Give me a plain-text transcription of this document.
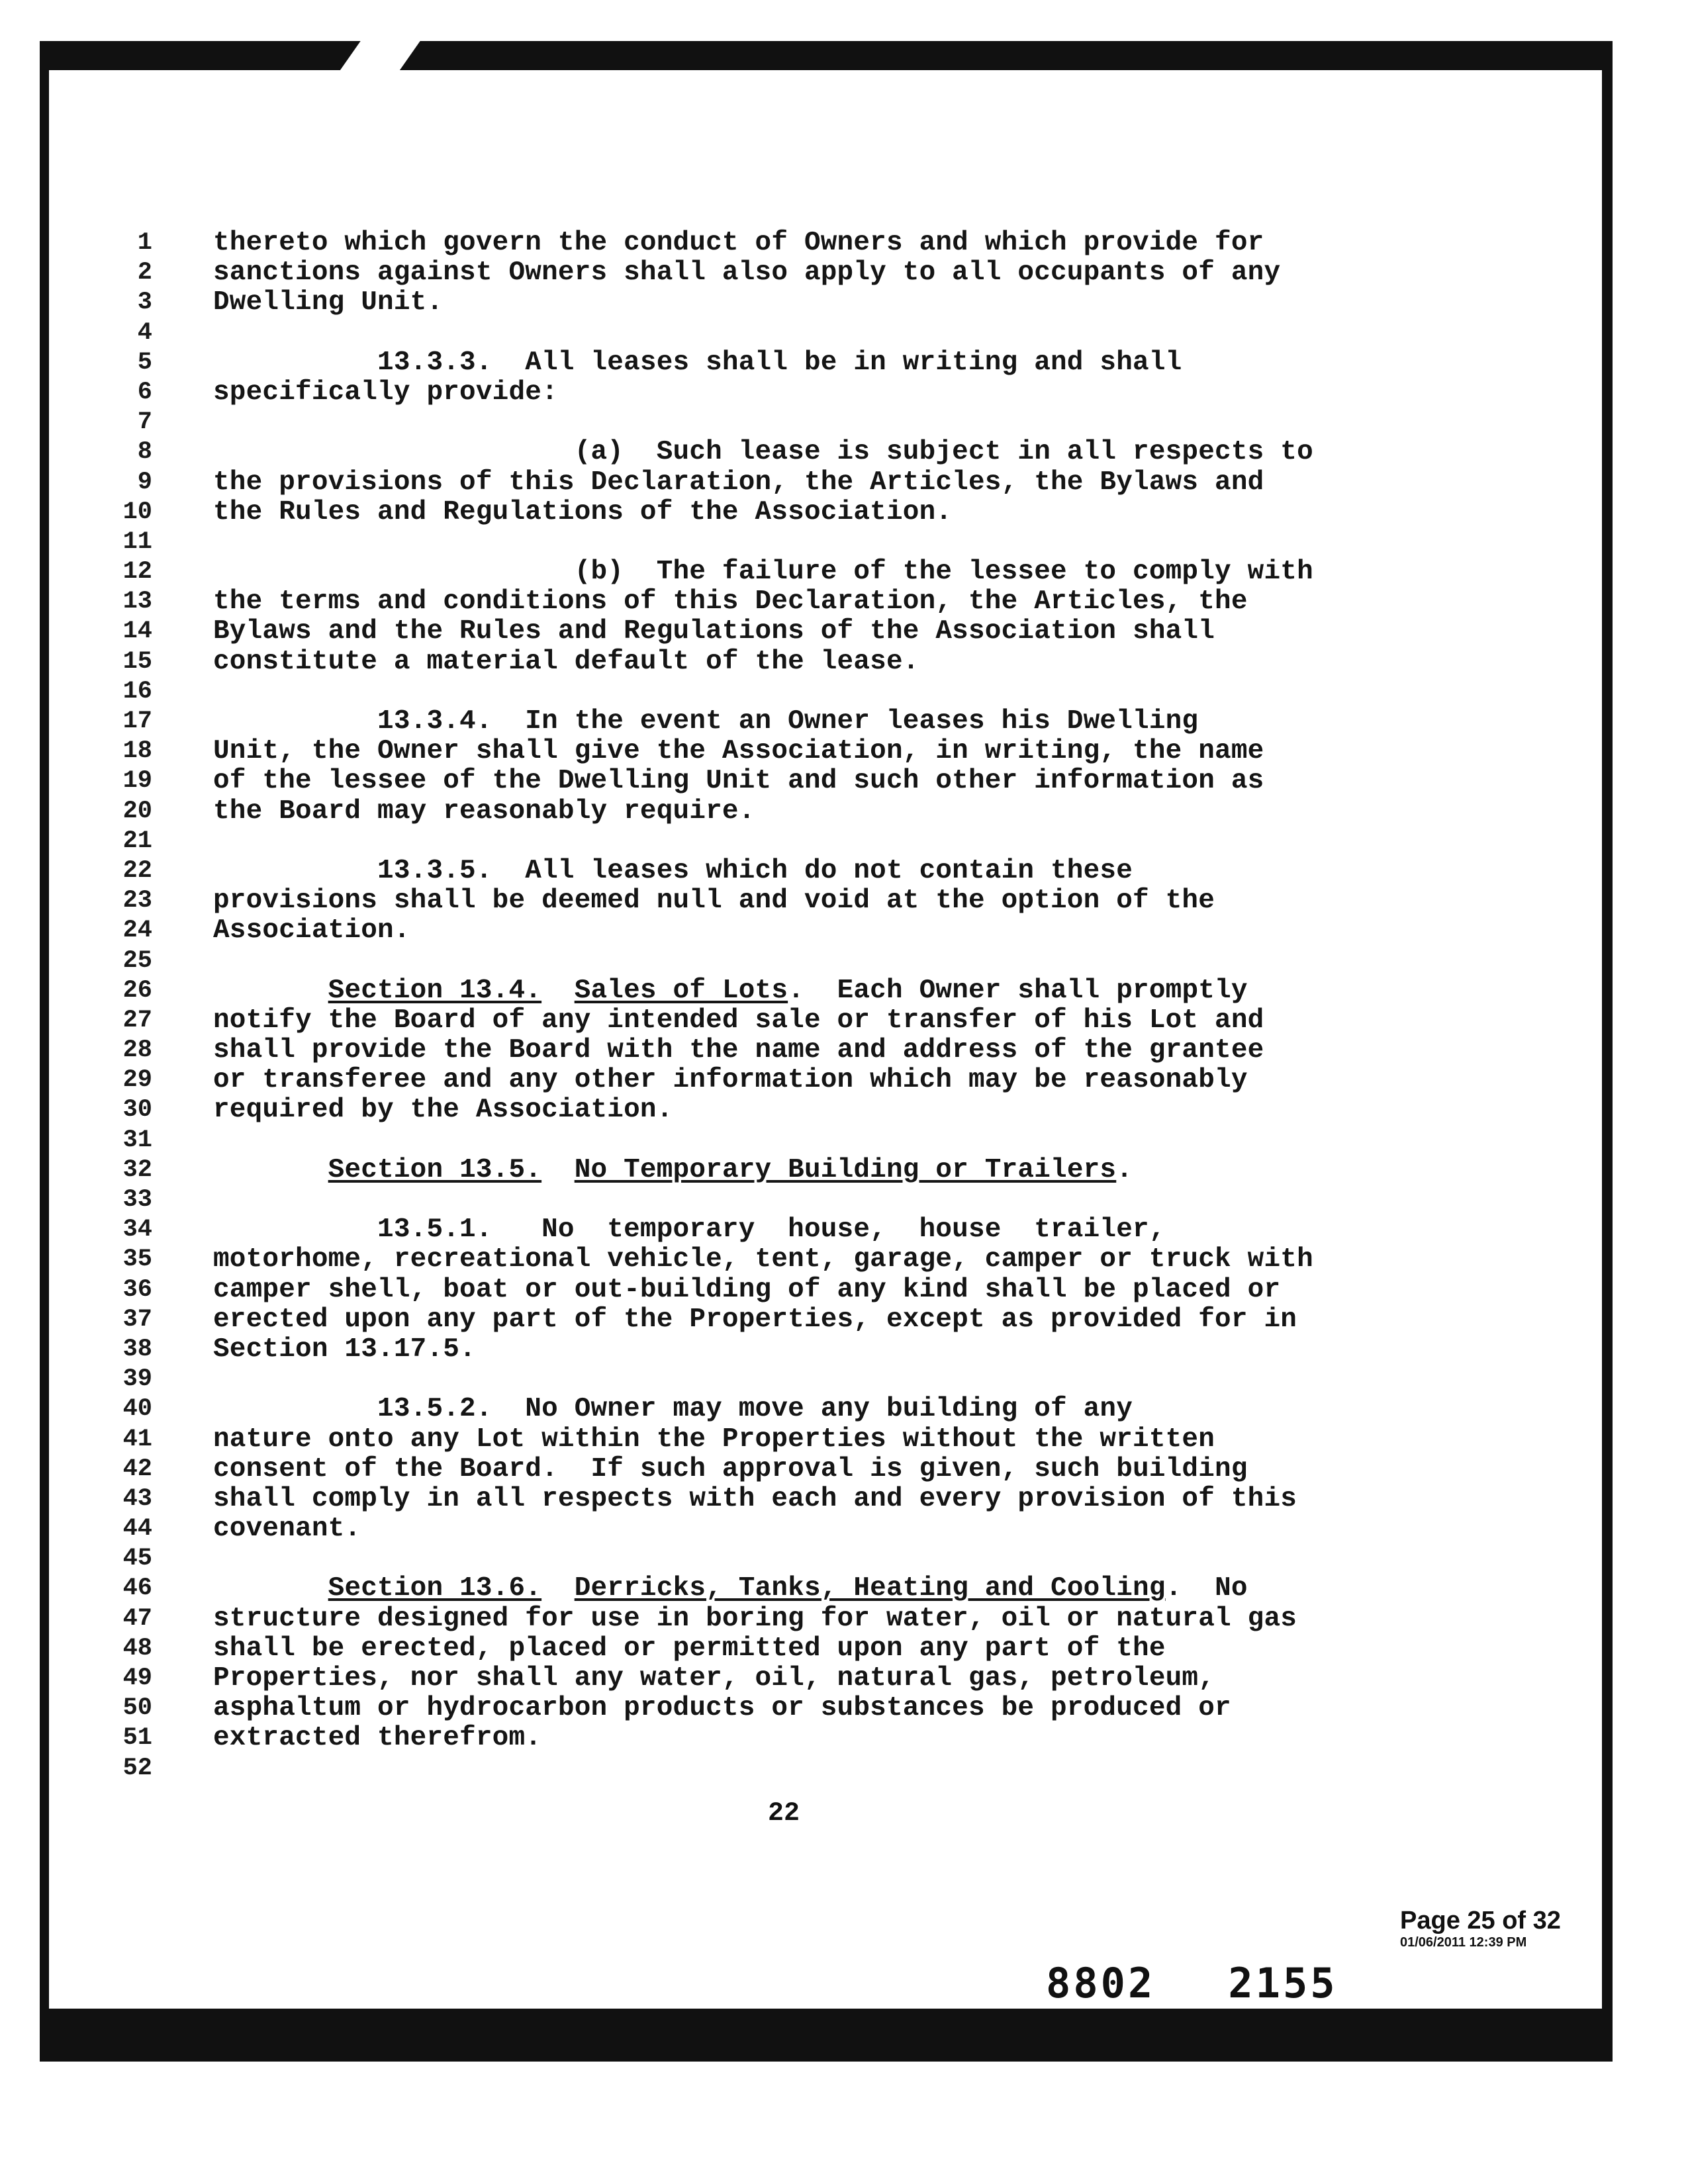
1 thereto which govern the conduct of Owners and which provide for
2 sanctions against Owners shall also apply to all occupants of any
3 Dwelling Unit.
4
5 13.3.3.  All leases shall be in writing and shall
6 specifically provide:
7
8 (a)  Such lease is subject in all respects to
9 the provisions of this Declaration, the Articles, the Bylaws and
10 the Rules and Regulations of the Association.
11
12 (b)  The failure of the lessee to comply with
13 the terms and conditions of this Declaration, the Articles, the
14 Bylaws and the Rules and Regulations of the Association shall
15 constitute a material default of the lease.
16
17 13.3.4.  In the event an Owner leases his Dwelling
18 Unit, the Owner shall give the Association, in writing, the name
19 of the lessee of the Dwelling Unit and such other information as
20 the Board may reasonably require.
21
22 13.3.5.  All leases which do not contain these
23 provisions shall be deemed null and void at the option of the
24 Association.
25
26	Section 13.4. Sales of Lots.  Each Owner shall promptly
27 notify the Board of any intended sale or transfer of his Lot and
28 shall provide the Board with the name and address of the grantee
29 or transferee and any other information which may be reasonably
30 required by the Association.
31
32	Section 13.5. No Temporary Building or Trailers.
33
34 13.5.1.   No  temporary  house,  house  trailer,
35 motorhome, recreational vehicle, tent, garage, camper or truck with
36 camper shell, boat or out-building of any kind shall be placed or
37 erected upon any part of the Properties, except as provided for in
38 Section 13.17.5.
39
40 13.5.2.  No Owner may move any building of any
41 nature onto any Lot within the Properties without the written
42 consent of the Board.  If such approval is given, such building
43 shall comply in all respects with each and every provision of this
44 covenant.
45
46	Section 13.6. Derricks, Tanks, Heating and Cooling.  No
47 structure designed for use in boring for water, oil or natural gas
48 shall be erected, placed or permitted upon any part of the
49 Properties, nor shall any water, oil, natural gas, petroleum,
50 asphaltum or hydrocarbon products or substances be produced or
51 extracted therefrom.
52
22
Page 25 of 32
01/06/2011 12:39 PM
8802 2155
